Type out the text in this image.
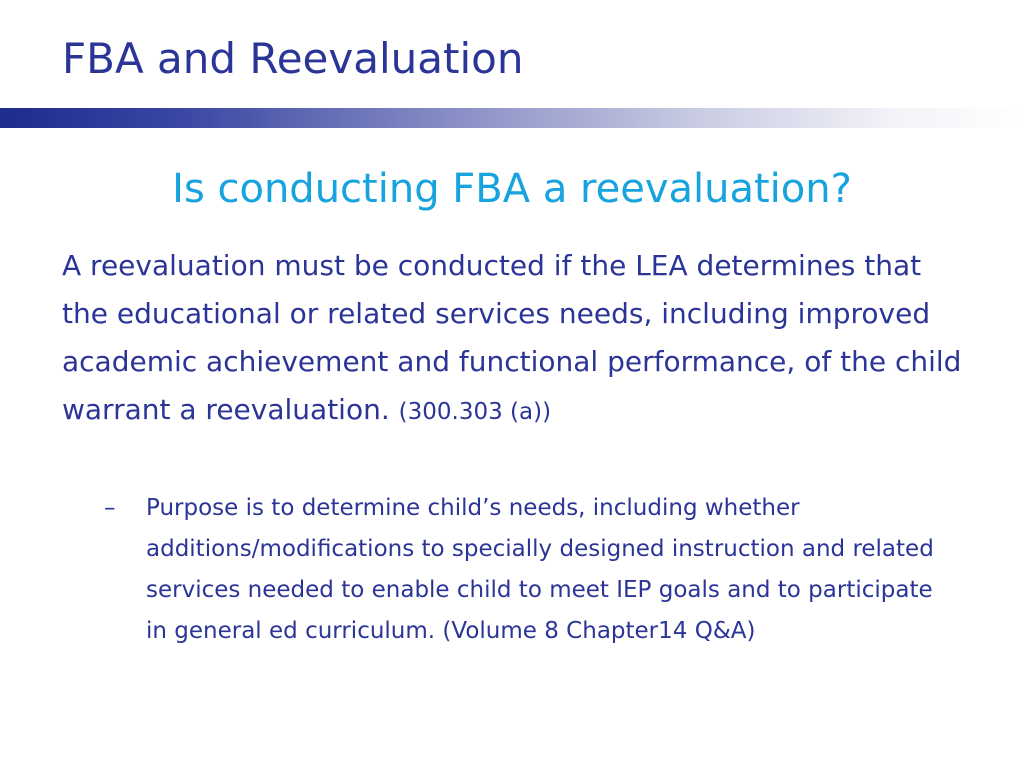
FBA and Reevaluation
Is conducting FBA a reevaluation?

A reevaluation must be conducted if the LEA determines that the educational or related services needs, including improved academic achievement and functional performance, of the child warrant a reevaluation. (300.303 (a))

–	Purpose is to determine child’s needs, including whether additions/modifications to specially designed instruction and related services needed to enable child to meet IEP goals and to participate in general ed curriculum. (Volume 8 Chapter14 Q&A)
